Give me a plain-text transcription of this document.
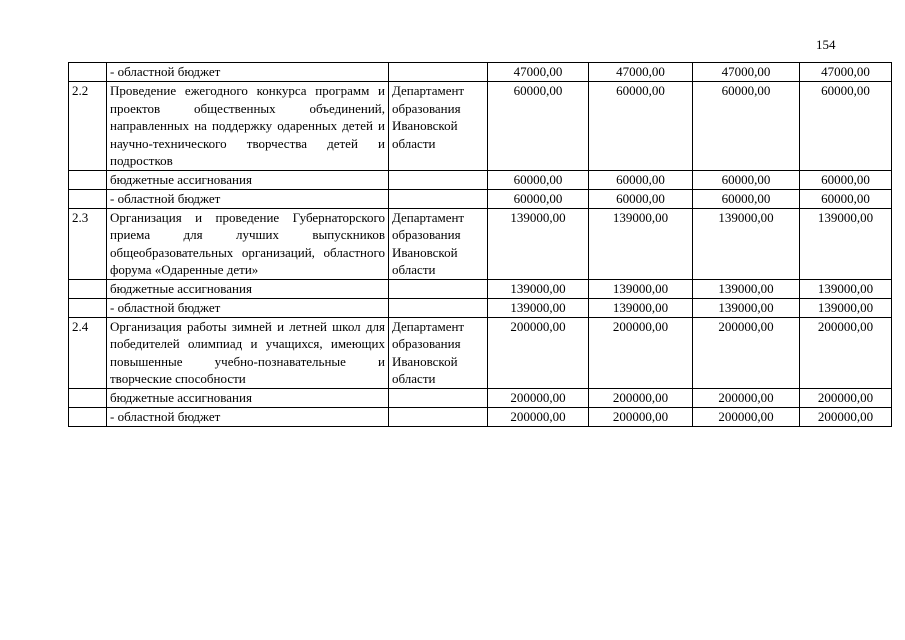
154
	- областной бюджет		47000,00	47000,00	47000,00	47000,00
2.2	Проведение ежегодного конкурса программ и проектов общественных объединений, направленных на поддержку одаренных детей и научно-технического творчества детей и подростков	Департамент образования Ивановской области	60000,00	60000,00	60000,00	60000,00
	бюджетные ассигнования		60000,00	60000,00	60000,00	60000,00
	- областной бюджет		60000,00	60000,00	60000,00	60000,00
2.3	Организация и проведение Губернаторского приема для лучших выпускников общеобразовательных организаций, областного форума «Одаренные дети»	Департамент образования Ивановской области	139000,00	139000,00	139000,00	139000,00
	бюджетные ассигнования		139000,00	139000,00	139000,00	139000,00
	- областной бюджет		139000,00	139000,00	139000,00	139000,00
2.4	Организация работы зимней и летней школ для победителей олимпиад и учащихся, имеющих повышенные учебно-познавательные и творческие способности	Департамент образования Ивановской области	200000,00	200000,00	200000,00	200000,00
	бюджетные ассигнования		200000,00	200000,00	200000,00	200000,00
	- областной бюджет		200000,00	200000,00	200000,00	200000,00
